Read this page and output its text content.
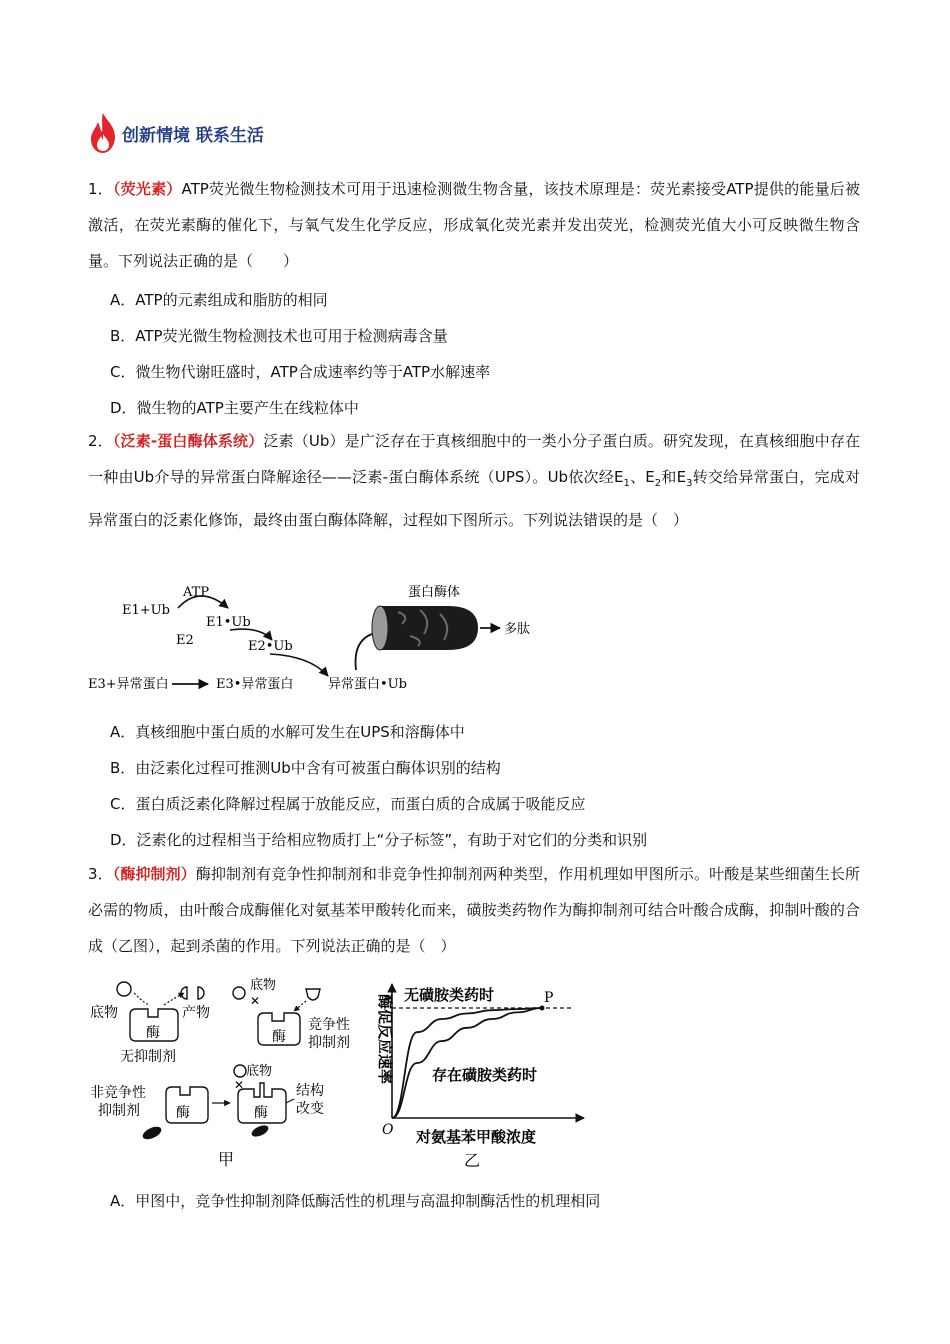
创新情境 联系生活
1．（荧光素）ATP荧光微生物检测技术可用于迅速检测微生物含量，该技术原理是：荧光素接受ATP提供的能量后被激活，在荧光素酶的催化下，与氧气发生化学反应，形成氧化荧光素并发出荧光，检测荧光值大小可反映微生物含量。下列说法正确的是（　　）
A．ATP的元素组成和脂肪的相同
B．ATP荧光微生物检测技术也可用于检测病毒含量
C．微生物代谢旺盛时，ATP合成速率约等于ATP水解速率
D．微生物的ATP主要产生在线粒体中
2．（泛素-蛋白酶体系统）泛素（Ub）是广泛存在于真核细胞中的一类小分子蛋白质。研究发现，在真核细胞中存在一种由Ub介导的异常蛋白降解途径——泛素-蛋白酶体系统（UPS）。Ub依次经$E_1$、$E_2$和$E_3$转交给异常蛋白，完成对异常蛋白的泛素化修饰，最终由蛋白酶体降解，过程如下图所示。下列说法错误的是（　）
ATP
E1+Ub
E1•Ub
E2	E2•Ub
E3+异常蛋白	E3•异常蛋白	异常蛋白•Ub
蛋白酶体
多肽
A．真核细胞中蛋白质的水解可发生在UPS和溶酶体中
B．由泛素化过程可推测Ub中含有可被蛋白酶体识别的结构
C．蛋白质泛素化降解过程属于放能反应，而蛋白质的合成属于吸能反应
D．泛素化的过程相当于给相应物质打上“分子标签”，有助于对它们的分类和识别
3．（酶抑制剂）酶抑制剂有竞争性抑制剂和非竞争性抑制剂两种类型，作用机理如甲图所示。叶酸是某些细菌生长所必需的物质，由叶酸合成酶催化对氨基苯甲酸转化而来，磺胺类药物作为酶抑制剂可结合叶酸合成酶，抑制叶酸的合成（乙图），起到杀菌的作用。下列说法正确的是（　）
底物	产物
酶
无抑制剂
底物
✕
酶
竞争性
抑制剂
非竞争性
抑制剂	酶
底物
✕
酶
结构
改变
甲
O 对氨基苯甲酸浓度
酶促反应速率	P
无磺胺类药时
存在磺胺类药时
乙
A．甲图中，竞争性抑制剂降低酶活性的机理与高温抑制酶活性的机理相同
